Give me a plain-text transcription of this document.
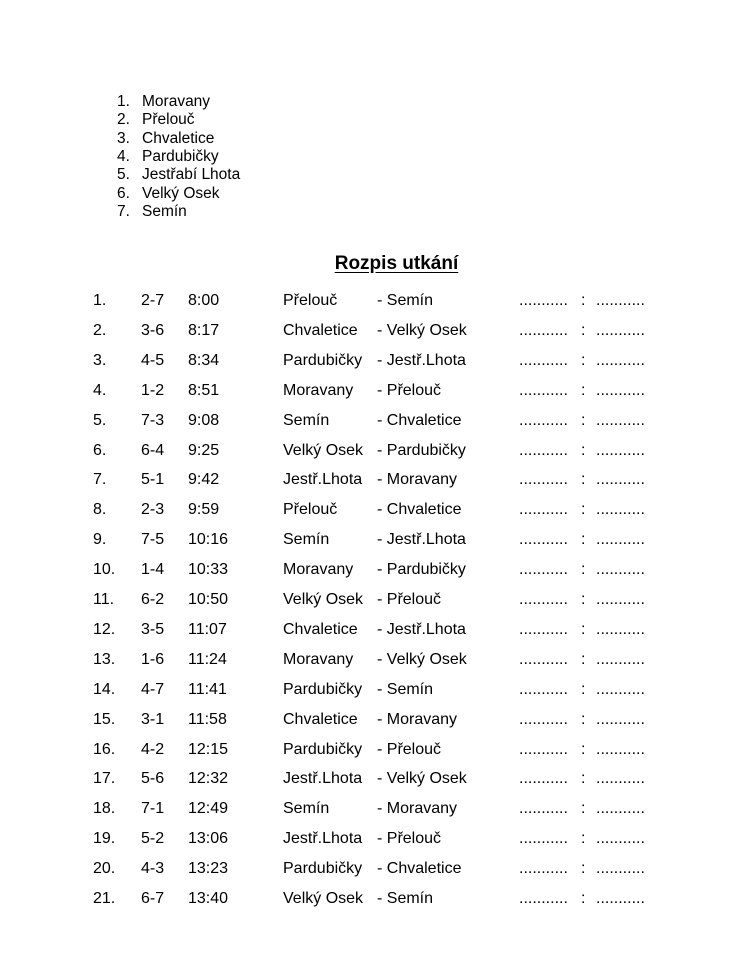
1. Moravany
2. Přelouč
3. Chvaletice
4. Pardubičky
5. Jestřabí Lhota
6. Velký Osek
7. Semín
Rozpis utkání
1. 2-7 8:00	Přelouč - Semín	........... : ...........
2. 3-6 8:17	Chvaletice - Velký Osek	........... : ...........
3. 4-5 8:34	Pardubičky - Jestř.Lhota	........... : ...........
4. 1-2 8:51	Moravany - Přelouč	........... : ...........
5. 7-3 9:08	Semín	- Chvaletice	........... : ...........
6. 6-4 9:25	Velký Osek - Pardubičky	........... : ...........
7. 5-1 9:42	Jestř.Lhota - Moravany	........... : ...........
8. 2-3 9:59	Přelouč - Chvaletice	........... : ...........
9. 7-5 10:16	Semín	- Jestř.Lhota	........... : ...........
10. 1-4 10:33	Moravany - Pardubičky	........... : ...........
11. 6-2 10:50	Velký Osek - Přelouč	........... : ...........
12. 3-5 11:07	Chvaletice - Jestř.Lhota	........... : ...........
13. 1-6 11:24	Moravany - Velký Osek	........... : ...........
14. 4-7 11:41	Pardubičky - Semín	........... : ...........
15. 3-1 11:58	Chvaletice - Moravany	........... : ...........
16. 4-2 12:15	Pardubičky - Přelouč	........... : ...........
17. 5-6 12:32	Jestř.Lhota - Velký Osek	........... : ...........
18. 7-1 12:49	Semín	- Moravany	........... : ...........
19. 5-2 13:06	Jestř.Lhota - Přelouč	........... : ...........
20. 4-3 13:23	Pardubičky - Chvaletice	........... : ...........
21. 6-7 13:40	Velký Osek - Semín	........... : ...........
